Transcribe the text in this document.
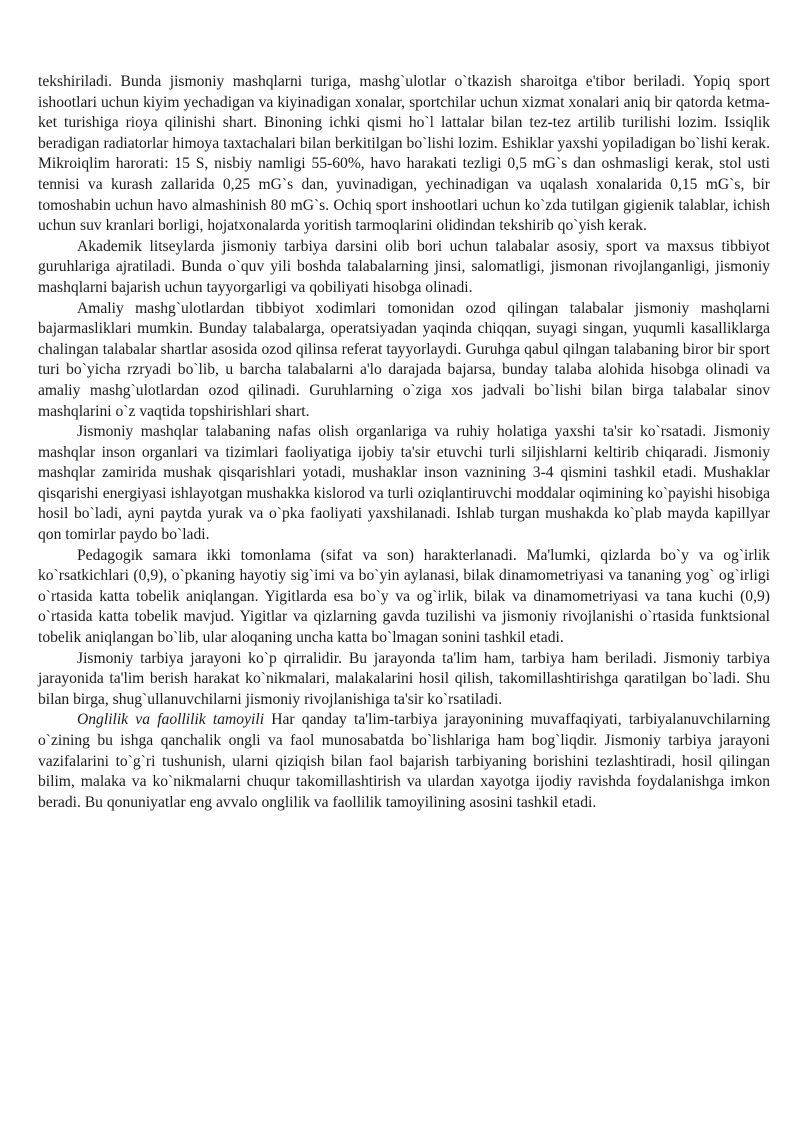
tekshiriladi. Bunda jismoniy mashqlarni turiga, mashg`ulotlar o`tkazish sharoitga e'tibor beriladi. Yopiq sport ishootlari uchun kiyim yechadigan va kiyinadigan xonalar, sportchilar uchun xizmat xonalari aniq bir qatorda ketma-ket turishiga rioya qilinishi shart. Binoning ichki qismi ho`l lattalar bilan tez-tez artilib turilishi lozim. Issiqlik beradigan radiatorlar himoya taxtachalari bilan berkitilgan bo`lishi lozim. Eshiklar yaxshi yopiladigan bo`lishi kerak. Mikroiqlim harorati: 15 S, nisbiy namligi 55-60%, havo harakati tezligi 0,5 mG`s dan oshmasligi kerak, stol usti tennisi va kurash zallarida 0,25 mG`s dan, yuvinadigan, yechinadigan va uqalash xonalarida 0,15 mG`s, bir tomoshabin uchun havo almashinish 80 mG`s. Ochiq sport inshootlari uchun ko`zda tutilgan gigienik talablar, ichish uchun suv kranlari borligi, hojatxonalarda yoritish tarmoqlarini olidindan tekshirib qo`yish kerak.

Akademik litseylarda jismoniy tarbiya darsini olib bori uchun talabalar asosiy, sport va maxsus tibbiyot guruhlariga ajratiladi. Bunda o`quv yili boshda talabalarning jinsi, salomatligi, jismonan rivojlanganligi, jismoniy mashqlarni bajarish uchun tayyorgarligi va qobiliyati hisobga olinadi.

Amaliy mashg`ulotlardan tibbiyot xodimlari tomonidan ozod qilingan talabalar jismoniy mashqlarni bajarmasliklari mumkin. Bunday talabalarga, operatsiyadan yaqinda chiqqan, suyagi singan, yuqumli kasalliklarga chalingan talabalar shartlar asosida ozod qilinsa referat tayyorlaydi. Guruhga qabul qilngan talabaning biror bir sport turi bo`yicha rzryadi bo`lib, u barcha talabalarni a'lo darajada bajarsa, bunday talaba alohida hisobga olinadi va amaliy mashg`ulotlardan ozod qilinadi. Guruhlarning o`ziga xos jadvali bo`lishi bilan birga talabalar sinov mashqlarini o`z vaqtida topshirishlari shart.

Jismoniy mashqlar talabaning nafas olish organlariga va ruhiy holatiga yaxshi ta'sir ko`rsatadi. Jismoniy mashqlar inson organlari va tizimlari faoliyatiga ijobiy ta'sir etuvchi turli siljishlarni keltirib chiqaradi. Jismoniy mashqlar zamirida mushak qisqarishlari yotadi, mushaklar inson vaznining 3-4 qismini tashkil etadi. Mushaklar qisqarishi energiyasi ishlayotgan mushakka kislorod va turli oziqlantiruvchi moddalar oqimining ko`payishi hisobiga hosil bo`ladi, ayni paytda yurak va o`pka faoliyati yaxshilanadi. Ishlab turgan mushakda ko`plab mayda kapillyar qon tomirlar paydo bo`ladi.

Pedagogik samara ikki tomonlama (sifat va son) harakterlanadi. Ma'lumki, qizlarda bo`y va og`irlik ko`rsatkichlari (0,9), o`pkaning hayotiy sig`imi va bo`yin aylanasi, bilak dinamometriyasi va tananing yog` og`irligi o`rtasida katta tobelik aniqlangan. Yigitlarda esa bo`y va og`irlik, bilak va dinamometriyasi va tana kuchi (0,9) o`rtasida katta tobelik mavjud. Yigitlar va qizlarning gavda tuzilishi va jismoniy rivojlanishi o`rtasida funktsional tobelik aniqlangan bo`lib, ular aloqaning uncha katta bo`lmagan sonini tashkil etadi.

Jismoniy tarbiya jarayoni ko`p qirralidir. Bu jarayonda ta'lim ham, tarbiya ham beriladi. Jismoniy tarbiya jarayonida ta'lim berish harakat ko`nikmalari, malakalarini hosil qilish, takomillashtirishga qaratilgan bo`ladi. Shu bilan birga, shug`ullanuvchilarni jismoniy rivojlanishiga ta'sir ko`rsatiladi.

Onglilik va faollilik tamoyili Har qanday ta'lim-tarbiya jarayonining muvaffaqiyati, tarbiyalanuvchilarning o`zining bu ishga qanchalik ongli va faol munosabatda bo`lishlariga ham bog`liqdir. Jismoniy tarbiya jarayoni vazifalarini to`g`ri tushunish, ularni qiziqish bilan faol bajarish tarbiyaning borishini tezlashtiradi, hosil qilingan bilim, malaka va ko`nikmalarni chuqur takomillashtirish va ulardan xayotga ijodiy ravishda foydalanishga imkon beradi. Bu qonuniyatlar eng avvalo onglilik va faollilik tamoyilining asosini tashkil etadi.
